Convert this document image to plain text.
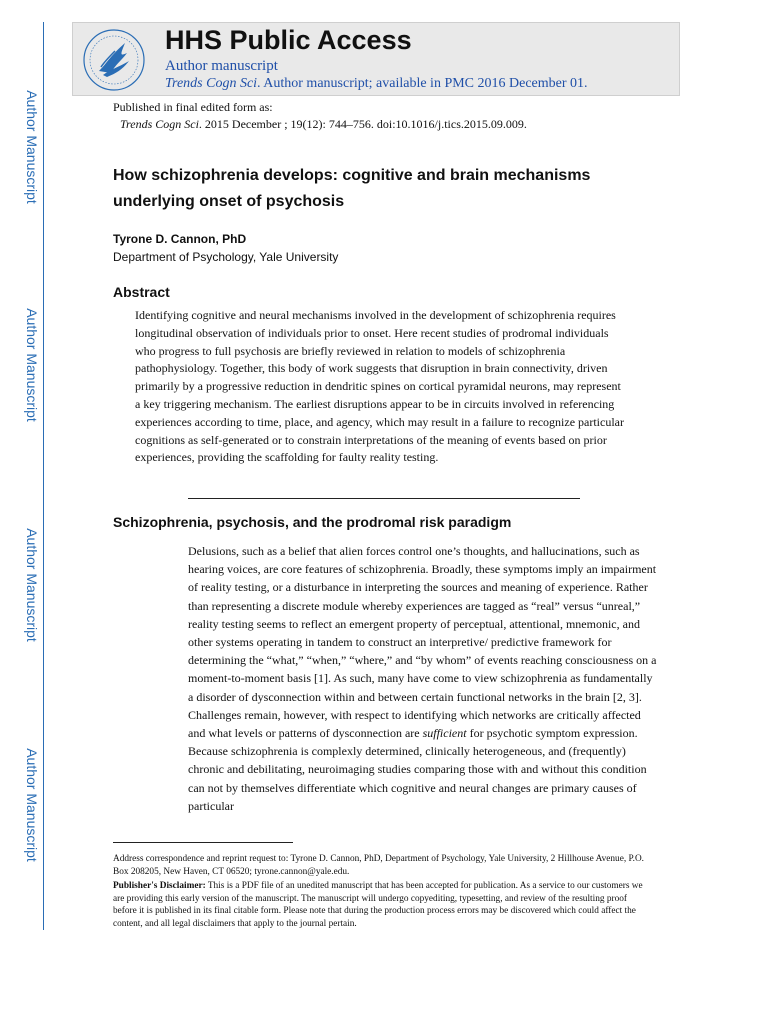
Author Manuscript
Author Manuscript
Author Manuscript
Author Manuscript
HHS Public Access
Author manuscript
Trends Cogn Sci. Author manuscript; available in PMC 2016 December 01.
Published in final edited form as:
Trends Cogn Sci. 2015 December ; 19(12): 744–756. doi:10.1016/j.tics.2015.09.009.
How schizophrenia develops: cognitive and brain mechanisms underlying onset of psychosis
Tyrone D. Cannon, PhD
Department of Psychology, Yale University
Abstract
Identifying cognitive and neural mechanisms involved in the development of schizophrenia requires longitudinal observation of individuals prior to onset. Here recent studies of prodromal individuals who progress to full psychosis are briefly reviewed in relation to models of schizophrenia pathophysiology. Together, this body of work suggests that disruption in brain connectivity, driven primarily by a progressive reduction in dendritic spines on cortical pyramidal neurons, may represent a key triggering mechanism. The earliest disruptions appear to be in circuits involved in referencing experiences according to time, place, and agency, which may result in a failure to recognize particular cognitions as self-generated or to constrain interpretations of the meaning of events based on prior experiences, providing the scaffolding for faulty reality testing.
Schizophrenia, psychosis, and the prodromal risk paradigm
Delusions, such as a belief that alien forces control one’s thoughts, and hallucinations, such as hearing voices, are core features of schizophrenia. Broadly, these symptoms imply an impairment of reality testing, or a disturbance in interpreting the sources and meaning of experience. Rather than representing a discrete module whereby experiences are tagged as “real” versus “unreal,” reality testing seems to reflect an emergent property of perceptual, attentional, mnemonic, and other systems operating in tandem to construct an interpretive/ predictive framework for determining the “what,” “when,” “where,” and “by whom” of events reaching consciousness on a moment-to-moment basis [1]. As such, many have come to view schizophrenia as fundamentally a disorder of dysconnection within and between certain functional networks in the brain [2, 3]. Challenges remain, however, with respect to identifying which networks are critically affected and what levels or patterns of dysconnection are sufficient for psychotic symptom expression. Because schizophrenia is complexly determined, clinically heterogeneous, and (frequently) chronic and debilitating, neuroimaging studies comparing those with and without this condition can not by themselves differentiate which cognitive and neural changes are primary causes of particular
Address correspondence and reprint request to: Tyrone D. Cannon, PhD, Department of Psychology, Yale University, 2 Hillhouse Avenue, P.O. Box 208205, New Haven, CT 06520; tyrone.cannon@yale.edu.
Publisher's Disclaimer: This is a PDF file of an unedited manuscript that has been accepted for publication. As a service to our customers we are providing this early version of the manuscript. The manuscript will undergo copyediting, typesetting, and review of the resulting proof before it is published in its final citable form. Please note that during the production process errors may be discovered which could affect the content, and all legal disclaimers that apply to the journal pertain.
